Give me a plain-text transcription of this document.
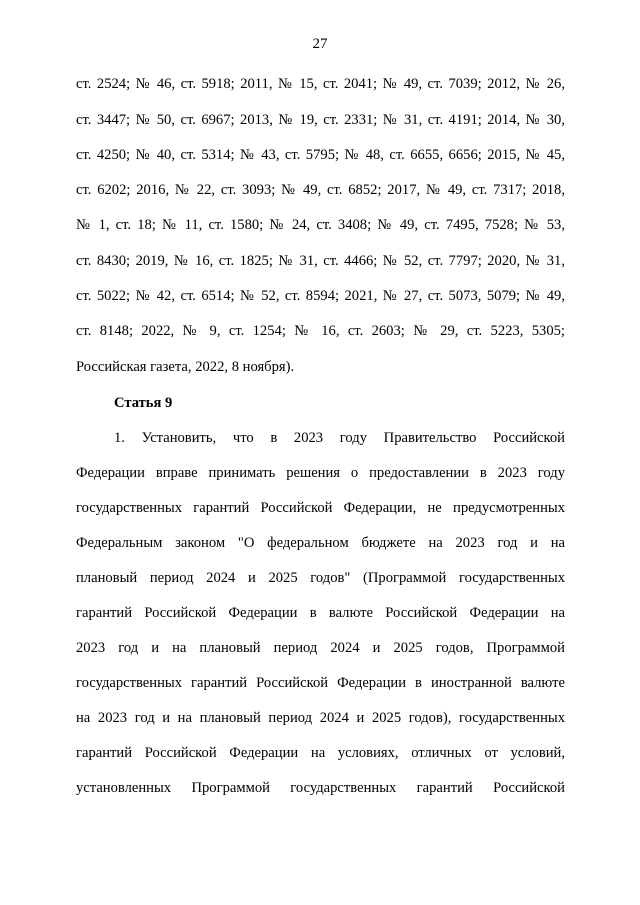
27
ст. 2524; № 46, ст. 5918; 2011, № 15, ст. 2041; № 49, ст. 7039; 2012, № 26,
ст. 3447; № 50, ст. 6967; 2013, № 19, ст. 2331; № 31, ст. 4191; 2014, № 30,
ст. 4250; № 40, ст. 5314; № 43, ст. 5795; № 48, ст. 6655, 6656; 2015, № 45,
ст. 6202; 2016, № 22, ст. 3093; № 49, ст. 6852; 2017, № 49, ст. 7317; 2018,
№ 1, ст. 18; № 11, ст. 1580; № 24, ст. 3408; № 49, ст. 7495, 7528; № 53,
ст. 8430; 2019, № 16, ст. 1825; № 31, ст. 4466; № 52, ст. 7797; 2020, № 31,
ст. 5022; № 42, ст. 6514; № 52, ст. 8594; 2021, № 27, ст. 5073, 5079; № 49,
ст. 8148; 2022, № 9, ст. 1254; № 16, ст. 2603; № 29, ст. 5223, 5305;
Российская газета, 2022, 8 ноября).
Статья 9
1. Установить, что в 2023 году Правительство Российской
Федерации вправе принимать решения о предоставлении в 2023 году
государственных гарантий Российской Федерации, не предусмотренных
Федеральным законом "О федеральном бюджете на 2023 год и на
плановый период 2024 и 2025 годов" (Программой государственных
гарантий Российской Федерации в валюте Российской Федерации на
2023 год и на плановый период 2024 и 2025 годов, Программой
государственных гарантий Российской Федерации в иностранной валюте
на 2023 год и на плановый период 2024 и 2025 годов), государственных
гарантий Российской Федерации на условиях, отличных от условий,
установленных Программой государственных гарантий Российской
